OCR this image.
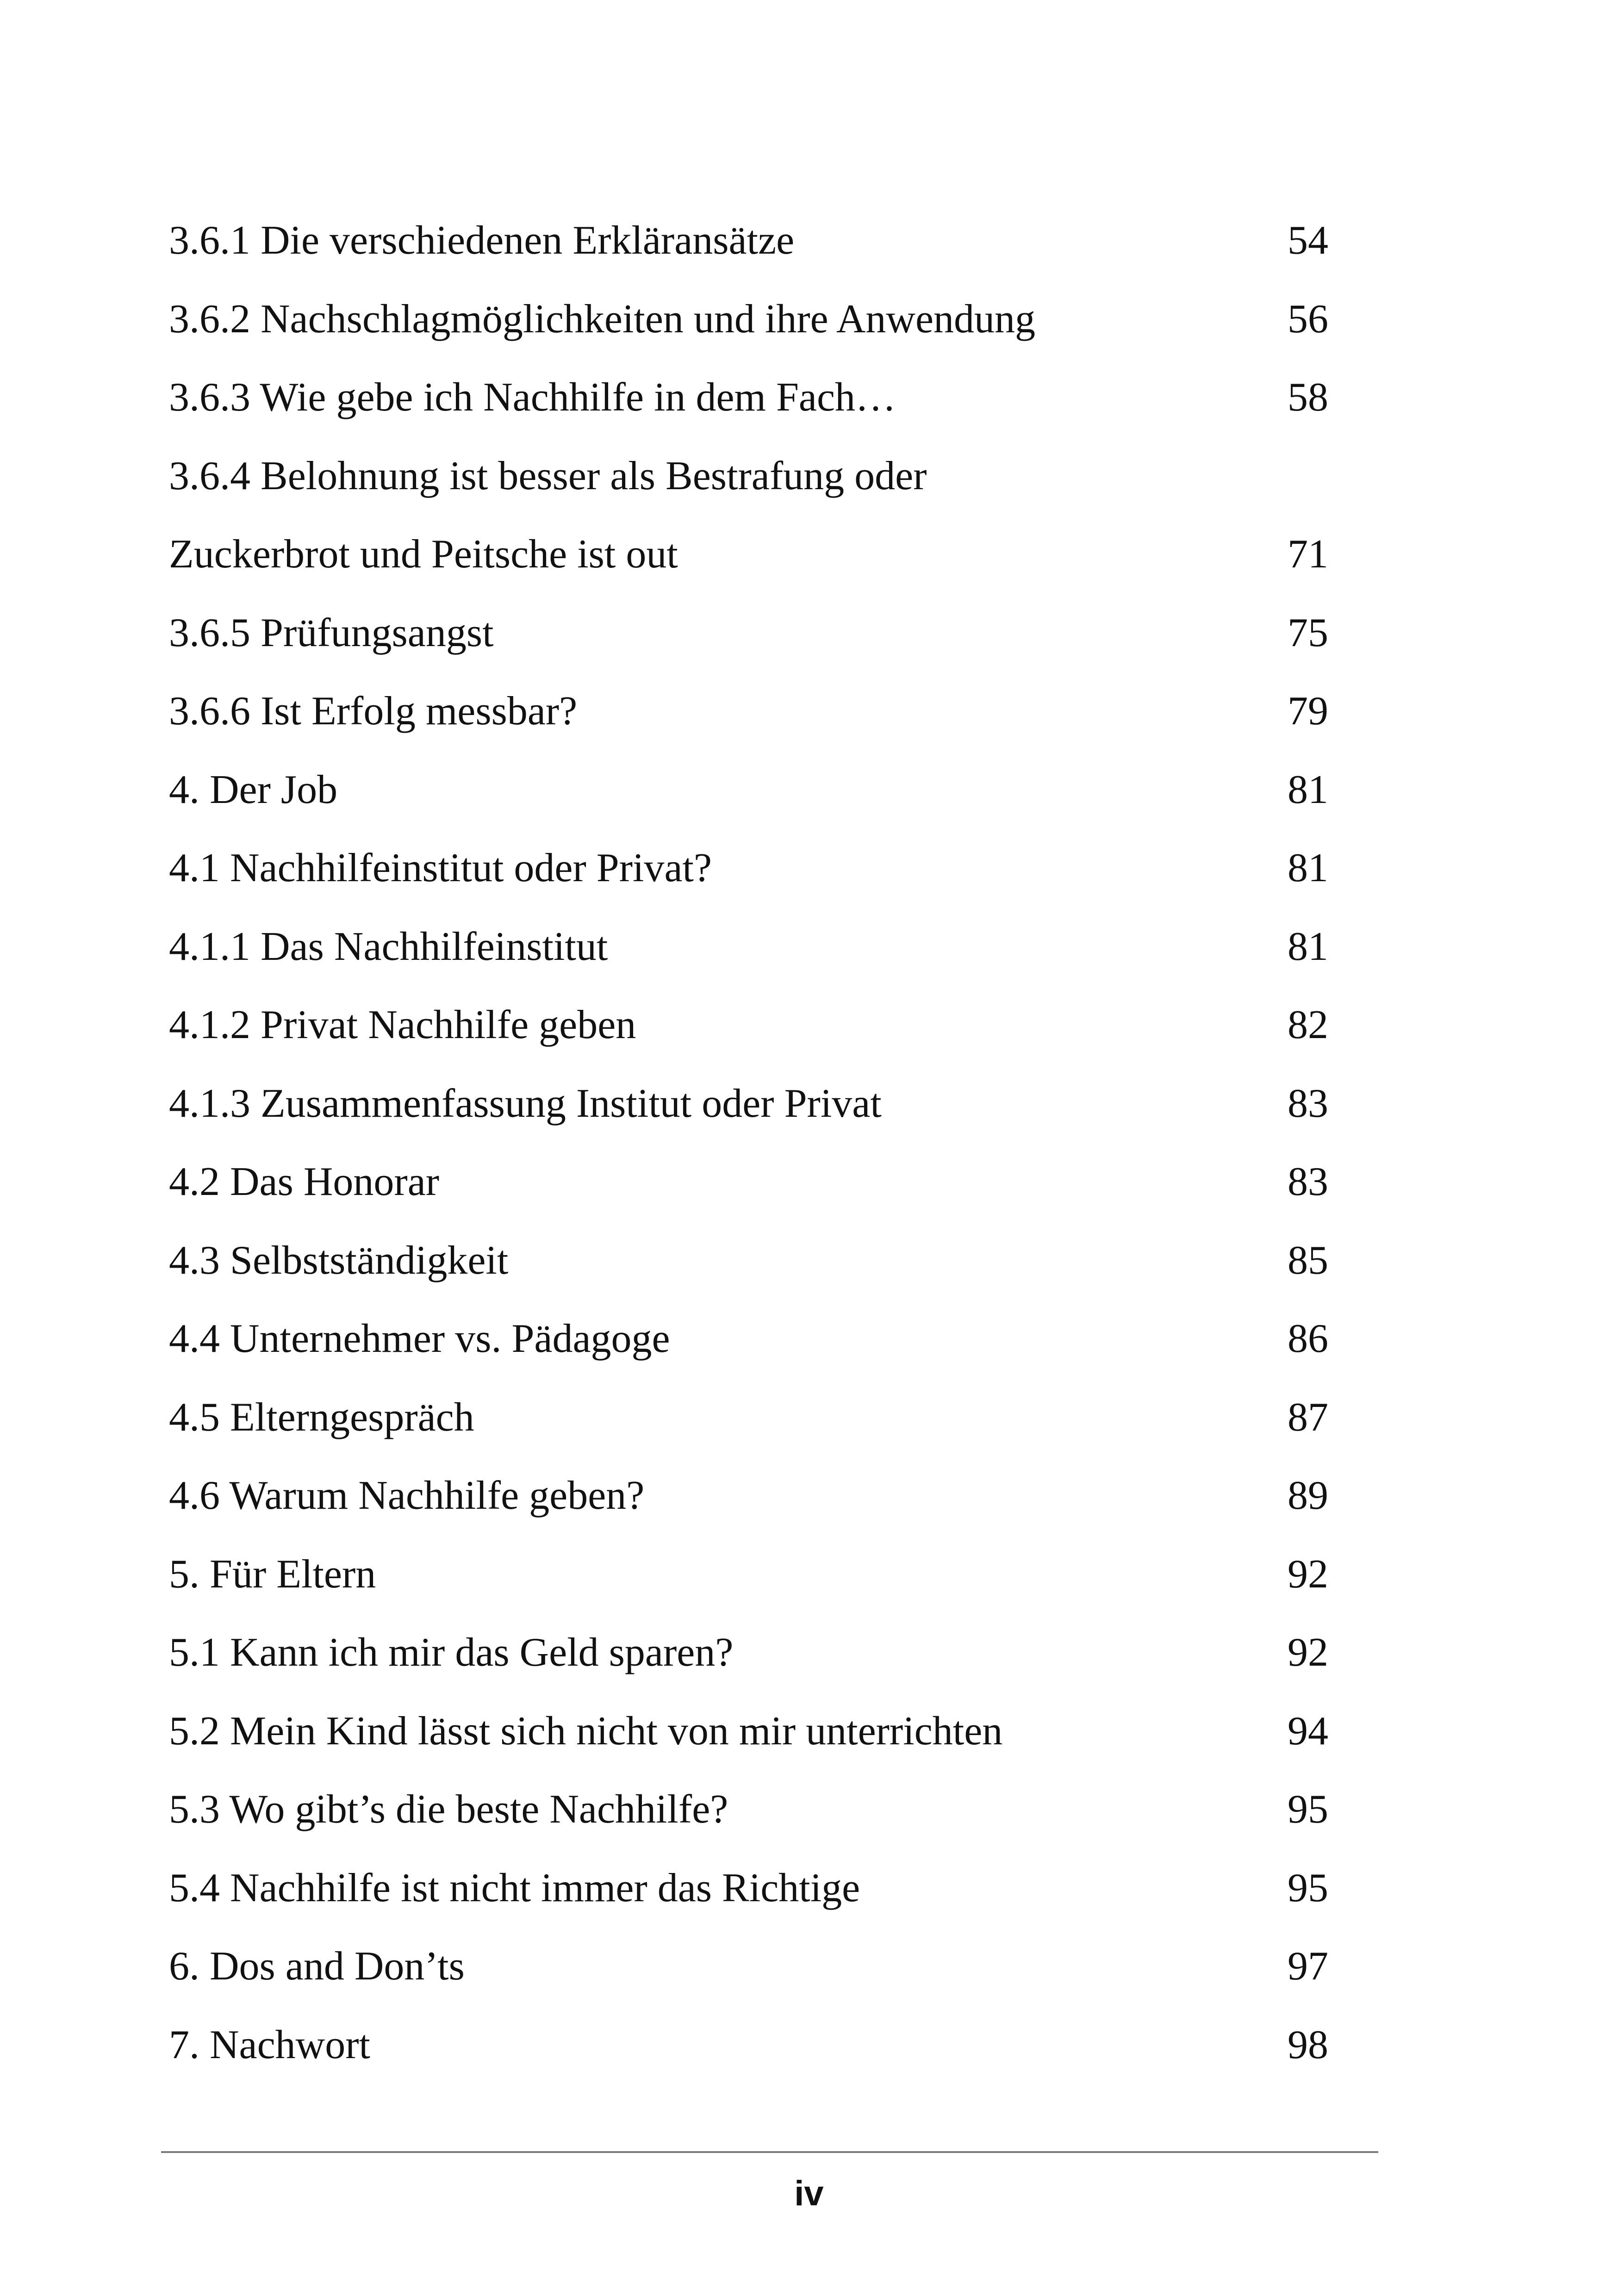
3.6.1 Die verschiedenen Erkläransätze	54
3.6.2 Nachschlagmöglichkeiten und ihre Anwendung	56
3.6.3 Wie gebe ich Nachhilfe in dem Fach…	58
3.6.4 Belohnung ist besser als Bestrafung oder
Zuckerbrot und Peitsche ist out	71
3.6.5 Prüfungsangst	75
3.6.6 Ist Erfolg messbar?	79
4. Der Job	81
4.1 Nachhilfeinstitut oder Privat?	81
4.1.1 Das Nachhilfeinstitut	81
4.1.2 Privat Nachhilfe geben	82
4.1.3 Zusammenfassung Institut oder Privat	83
4.2 Das Honorar	83
4.3 Selbstständigkeit	85
4.4 Unternehmer vs. Pädagoge	86
4.5 Elterngespräch	87
4.6 Warum Nachhilfe geben?	89
5. Für Eltern	92
5.1 Kann ich mir das Geld sparen?	92
5.2 Mein Kind lässt sich nicht von mir unterrichten	94
5.3 Wo gibt’s die beste Nachhilfe?	95
5.4 Nachhilfe ist nicht immer das Richtige	95
6. Dos and Don’ts	97
7. Nachwort	98
iv
